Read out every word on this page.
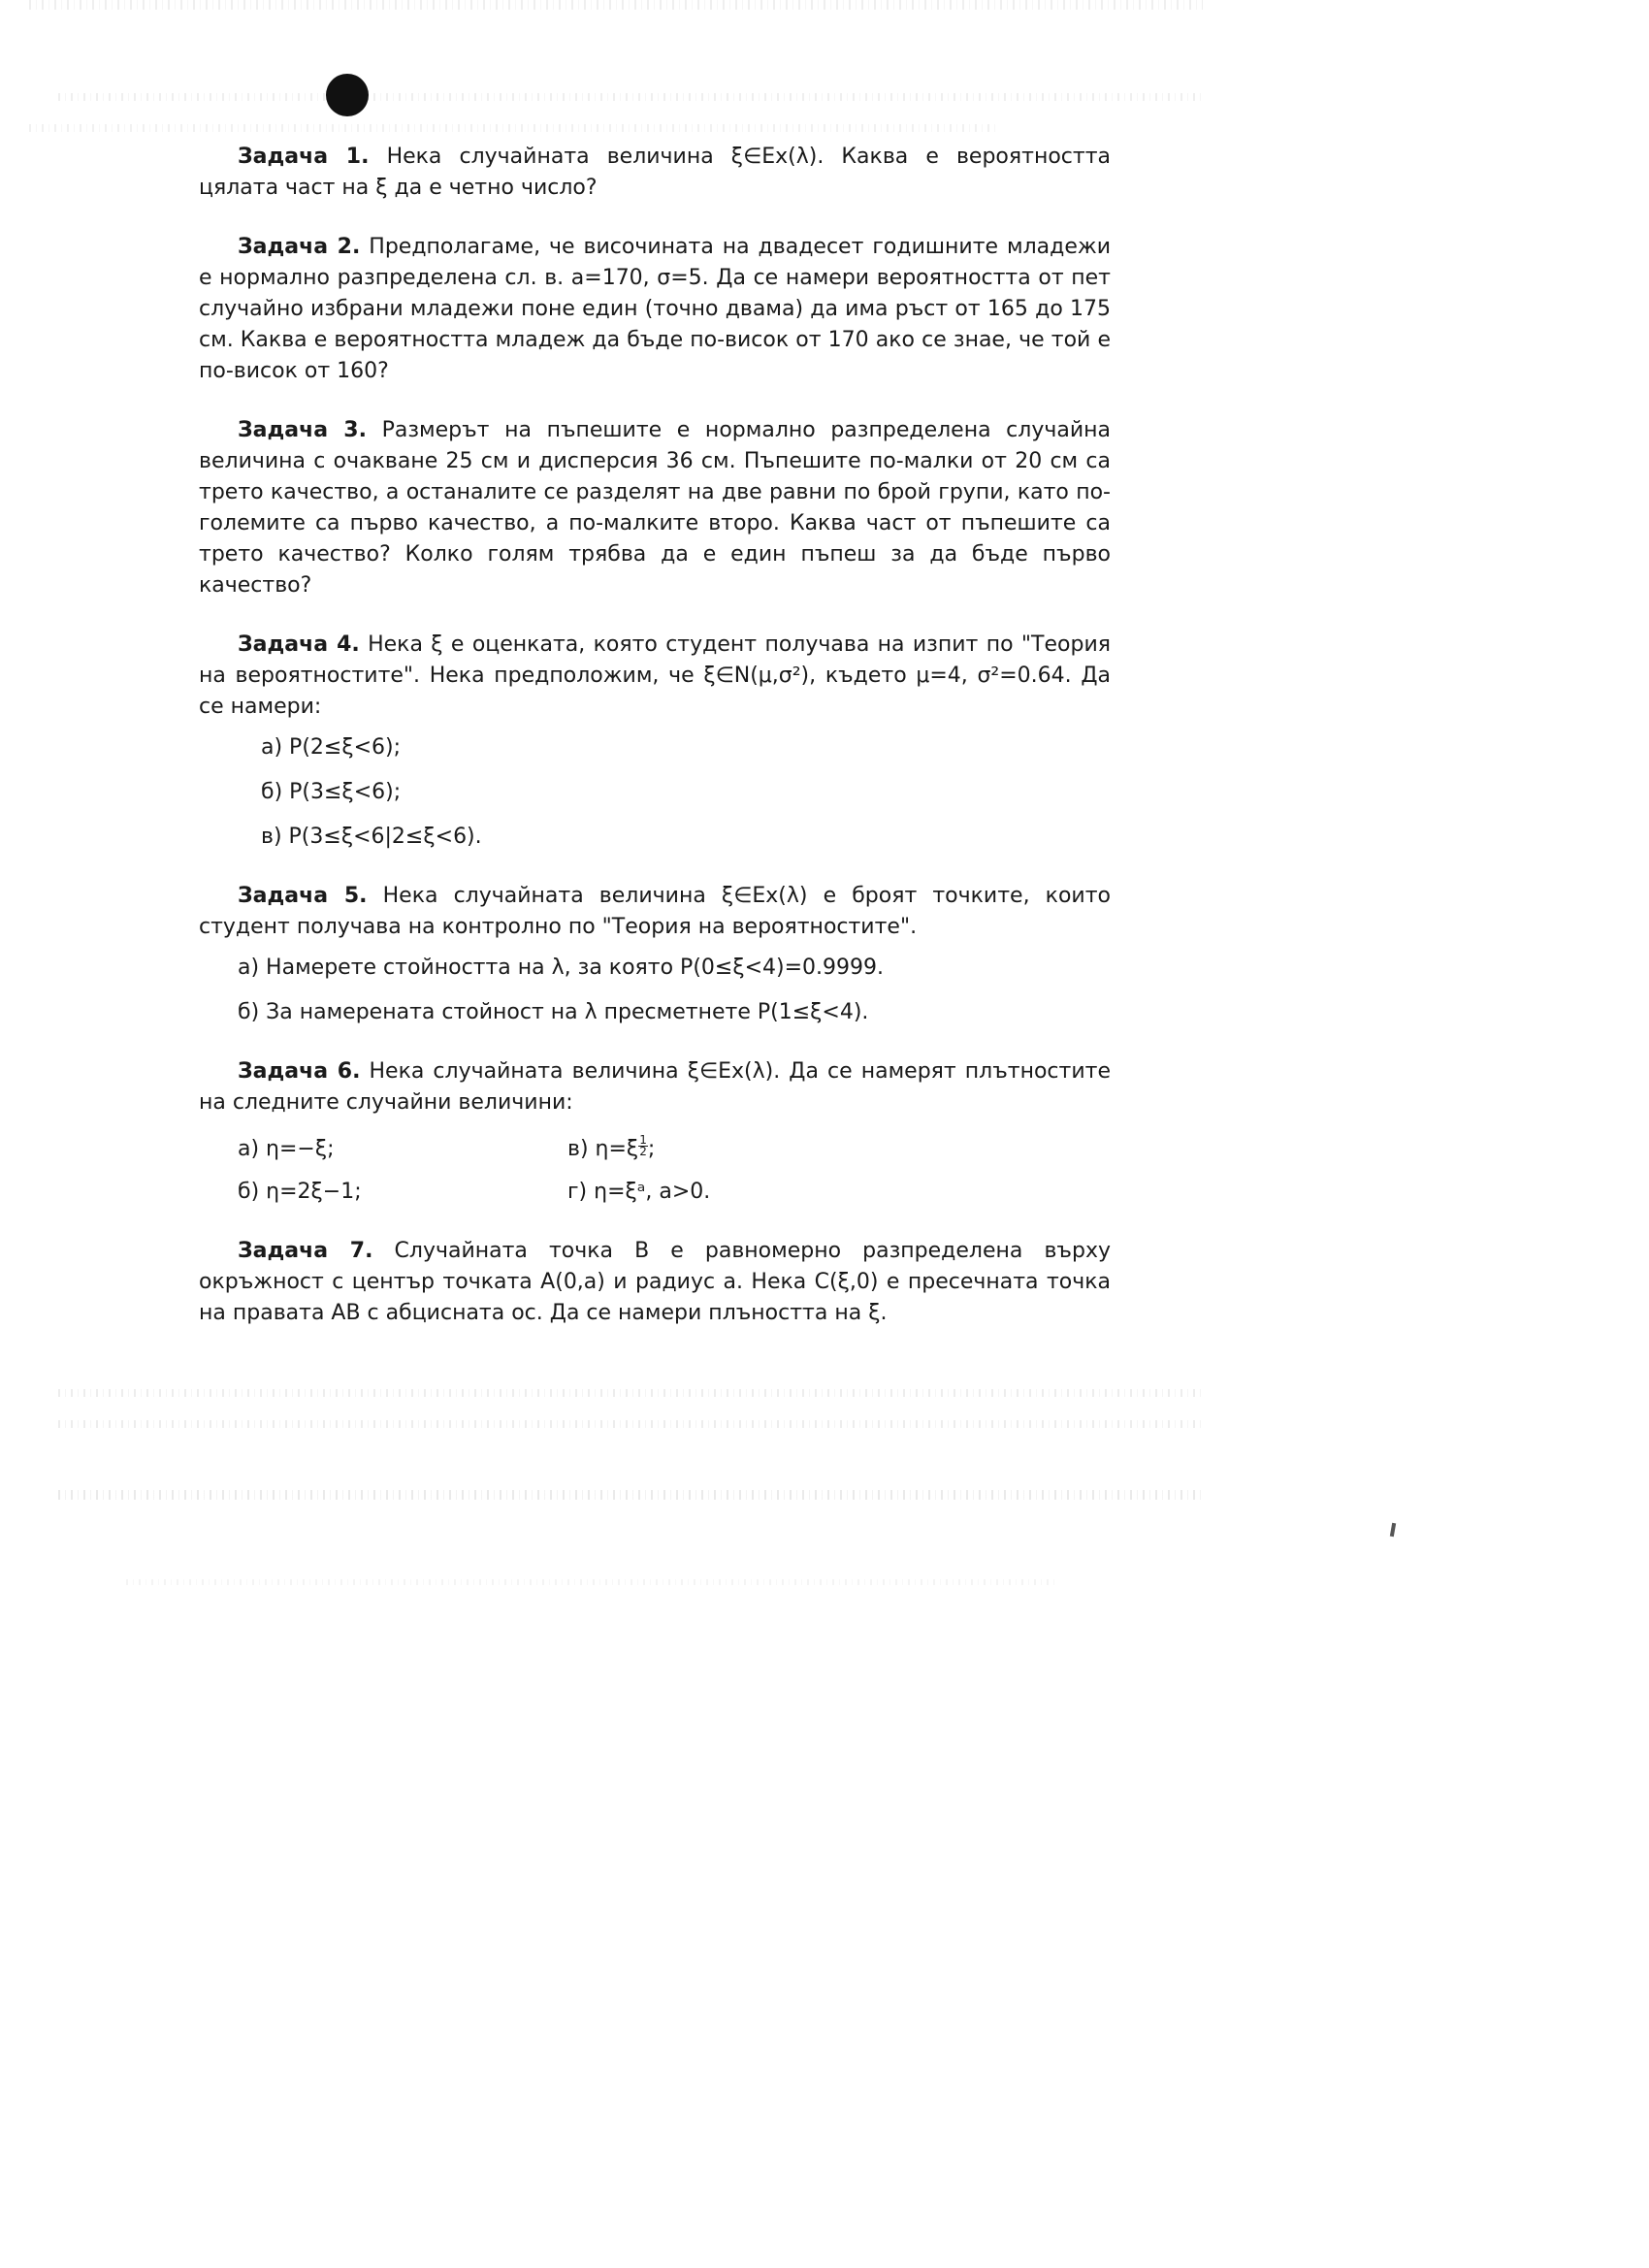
Задача 1. Нека случайната величина ξ∈Ex(λ). Каква е вероятността цялата част на ξ да е четно число?

Задача 2. Предполагаме, че височината на двадесет годишните младежи е нормално разпределена сл. в. a=170, σ=5. Да се намери вероятността от пет случайно избрани младежи поне един (точно двама) да има ръст от 165 до 175 см. Каква е вероятността младеж да бъде по-висок от 170 ако се знае, че той е по-висок от 160?

Задача 3. Размерът на пъпешите е нормално разпределена случайна величина с очакване 25 см и дисперсия 36 см. Пъпешите по-малки от 20 см са трето качество, а останалите се разделят на две равни по брой групи, като по-големите са първо качество, а по-малките второ. Каква част от пъпешите са трето качество? Колко голям трябва да е един пъпеш за да бъде първо качество?

Задача 4. Нека ξ е оценката, която студент получава на изпит по "Теория на вероятностите". Нека предположим, че ξ∈N(μ,σ²), където μ=4, σ²=0.64. Да се намери:

а) P(2≤ξ<6);
б) P(3≤ξ<6);
в) P(3≤ξ<6|2≤ξ<6).

Задача 5. Нека случайната величина ξ∈Ex(λ) е броят точките, които студент получава на контролно по "Теория на вероятностите".

а) Намерете стойността на λ, за която P(0≤ξ<4)=0.9999.
б) За намерената стойност на λ пресметнете P(1≤ξ<4).

Задача 6. Нека случайната величина ξ∈Ex(λ). Да се намерят плътностите на следните случайни величини:

а) η=−ξ;	в) $\eta=\xi \frac{1}{2}$ ;
б) η=2ξ−1;	г) η=ξᵃ, a>0.

Задача 7. Случайната точка B е равномерно разпределена върху окръжност с център точката A(0,a) и радиус a. Нека C(ξ,0) е пресечната точка на правата AB с абцисната ос. Да се намери плъността на ξ.
